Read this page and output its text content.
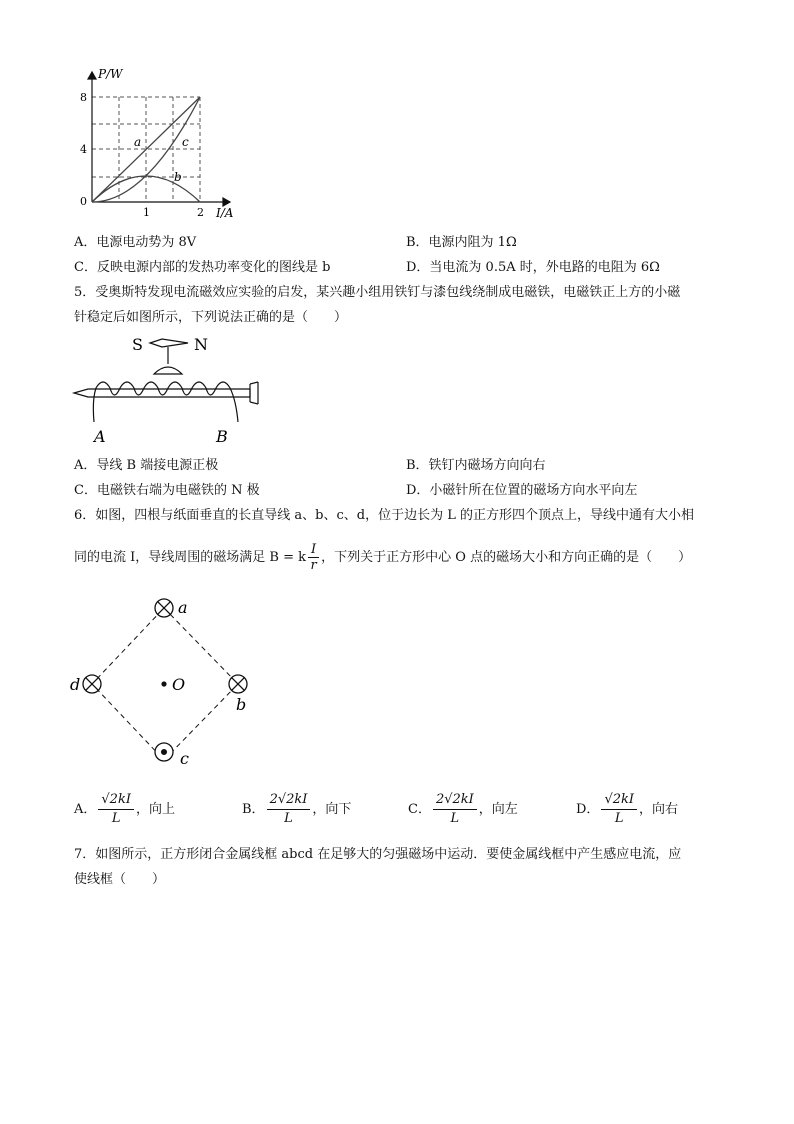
P/W
I/A
8
4
0
1	2
a
b
c
A．电源电动势为 8V	B．电源内阻为 1Ω
C．反映电源内部的发热功率变化的图线是 b	D．当电流为 0.5A 时，外电路的电阻为 6Ω
5．受奥斯特发现电流磁效应实验的启发，某兴趣小组用铁钉与漆包线绕制成电磁铁，电磁铁正上方的小磁
针稳定后如图所示，下列说法正确的是（　　）
S	N
A	B
A．导线 B 端接电源正极	B．铁钉内磁场方向向右
C．电磁铁右端为电磁铁的 N 极	D．小磁针所在位置的磁场方向水平向左
6．如图，四根与纸面垂直的长直导线 a、b、c、d，位于边长为 L 的正方形四个顶点上，导线中通有大小相
同的电流 I，导线周围的磁场满足 B = k $\frac{I}{r}$ ，下列关于正方形中心 O 点的磁场大小和方向正确的是（　　）
a
b
c
d	O
A． $\frac{√2kI}{L}$ ，向上	B． $\frac{2√2kI}{L}$ ，向下	C． $\frac{2√2kI}{L}$ ，向左	D． $\frac{√2kI}{L}$ ，向右
7．如图所示，正方形闭合金属线框 abcd 在足够大的匀强磁场中运动．要使金属线框中产生感应电流，应
使线框（　　）
